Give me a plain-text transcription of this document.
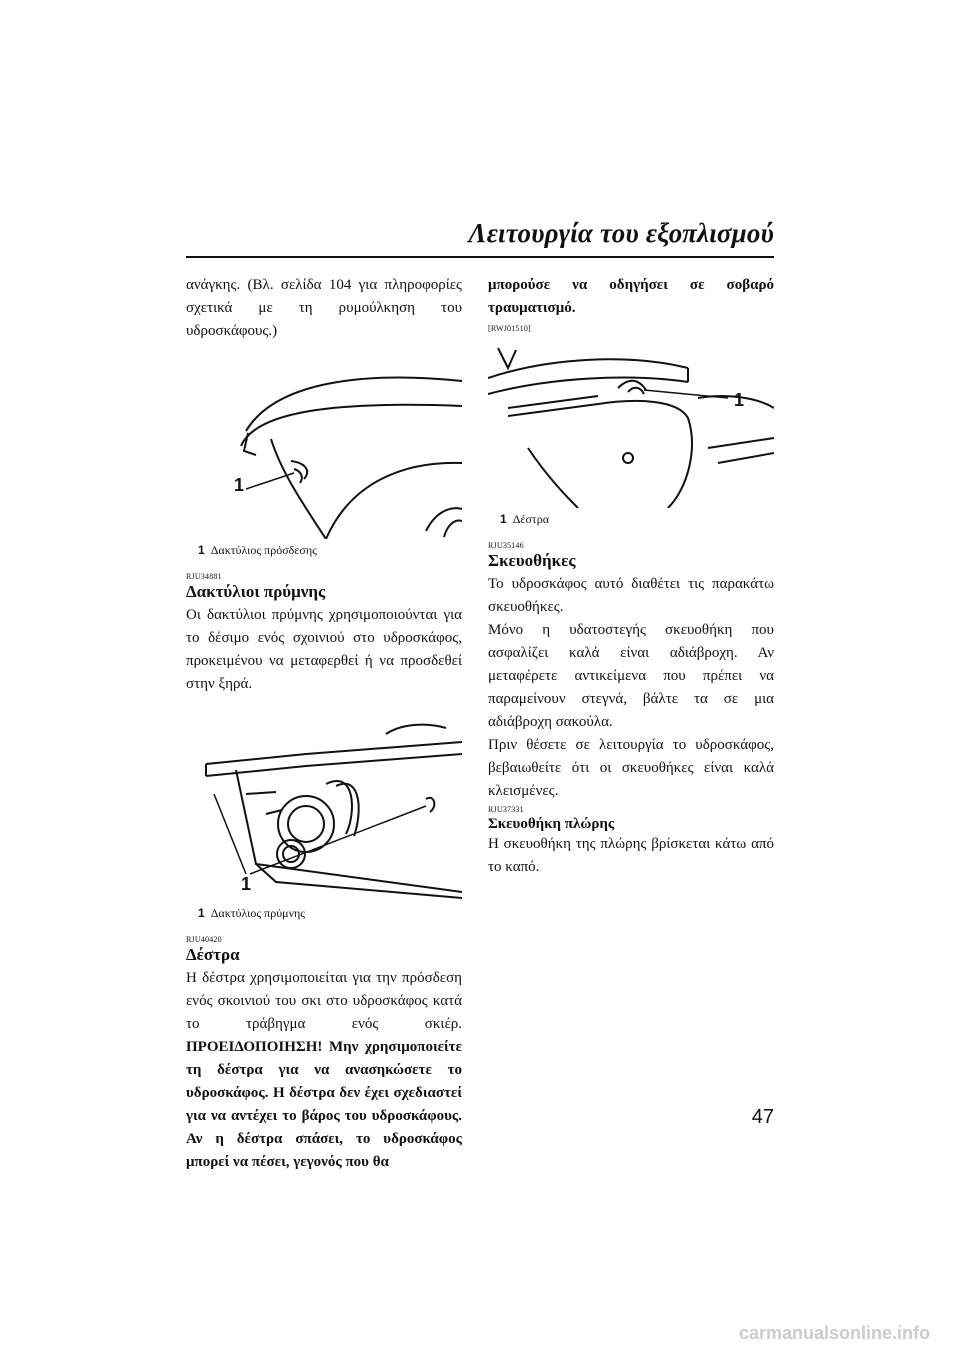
Λειτουργία του εξοπλισμού

ανάγκης. (Βλ. σελίδα 104 για πληροφορίες σχετικά με τη ρυμούλκηση του υδροσκάφους.)

1
1 Δακτύλιος πρόσδεσης

RJU34881

Δακτύλιοι πρύμνης

Οι δακτύλιοι πρύμνης χρησιμοποιούνται για το δέσιμο ενός σχοινιού στο υδροσκάφος, προκειμένου να μεταφερθεί ή να προσδεθεί στην ξηρά.

1
1 Δακτύλιος πρύμνης

RJU40420

Δέστρα

Η δέστρα χρησιμοποιείται για την πρόσδεση ενός σκοινιού του σκι στο υδροσκάφος κατά το τράβηγμα ενός σκιέρ. ΠΡΟΕΙΔΟΠΟΙΗΣΗ! Μην χρησιμοποιείτε τη δέστρα για να ανασηκώσετε το υδροσκάφος. Η δέστρα δεν έχει σχεδιαστεί για να αντέχει το βάρος του υδροσκάφους. Αν η δέστρα σπάσει, το υδροσκάφος μπορεί να πέσει, γεγονός που θα

μπορούσε να οδηγήσει σε σοβαρό τραυματισμό.

[RWJ01510]

1
1 Δέστρα

RJU35146

Σκευοθήκες

Το υδροσκάφος αυτό διαθέτει τις παρακάτω σκευοθήκες.

Μόνο η υδατοστεγής σκευοθήκη που ασφαλίζει καλά είναι αδιάβροχη. Αν μεταφέρετε αντικείμενα που πρέπει να παραμείνουν στεγνά, βάλτε τα σε μια αδιάβροχη σακούλα.

Πριν θέσετε σε λειτουργία το υδροσκάφος, βεβαιωθείτε ότι οι σκευοθήκες είναι καλά κλεισμένες.

RJU37331

Σκευοθήκη πλώρης

Η σκευοθήκη της πλώρης βρίσκεται κάτω από το καπό.

47
carmanualsonline.info
